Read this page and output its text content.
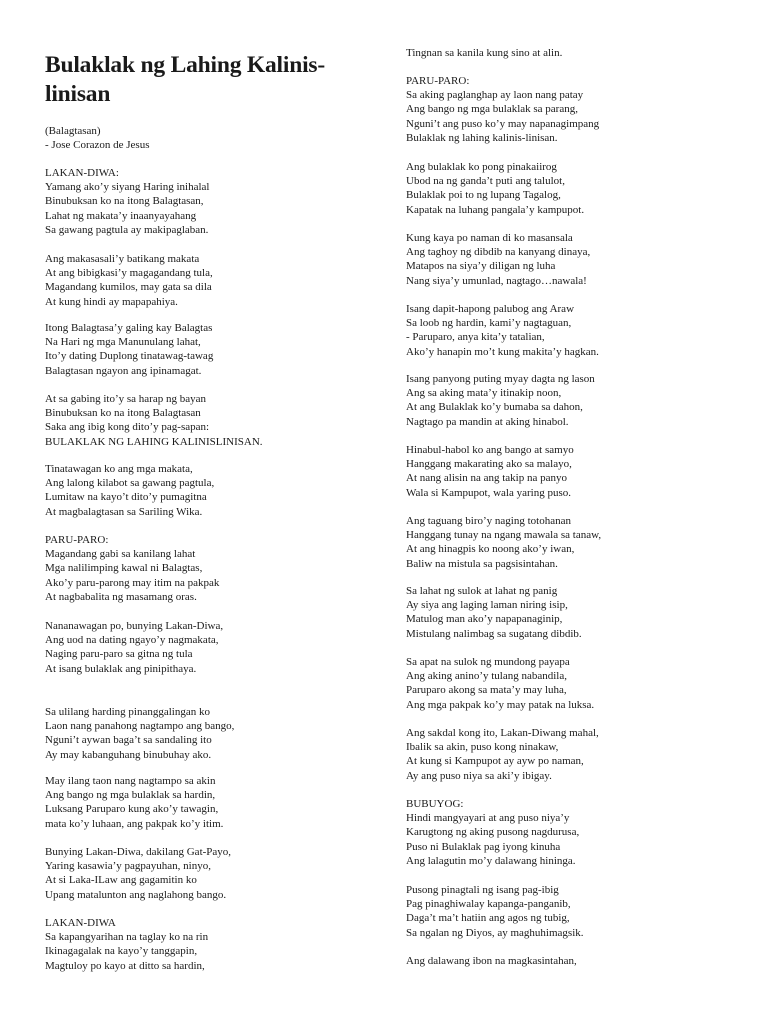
Bulaklak ng Lahing Kalinis-linisan
(Balagtasan)
- Jose Corazon de Jesus
LAKAN-DIWA:
Yamang ako’y siyang Haring inihalal
Binubuksan ko na itong Balagtasan,
Lahat ng makata’y inaanyayahang
Sa gawang pagtula ay makipaglaban.
Ang makasasali’y batikang makata
At ang bibigkasi’y magagandang tula,
Magandang kumilos, may gata sa dila
At kung hindi ay mapapahiya.
Itong Balagtasa’y galing kay Balagtas
Na Hari ng mga Manunulang lahat,
Ito’y dating Duplong tinatawag-tawag
Balagtasan ngayon ang ipinamagat.
At sa gabing ito’y sa harap ng bayan
Binubuksan ko na itong Balagtasan
Saka ang ibig kong dito’y pag-sapan:
BULAKLAK NG LAHING KALINISLINISAN.
Tinatawagan ko ang mga makata,
Ang lalong kilabot sa gawang pagtula,
Lumitaw na kayo’t dito’y pumagitna
At magbalagtasan sa Sariling Wika.
PARU-PARO:
Magandang gabi sa kanilang lahat
Mga nalilimping kawal ni Balagtas,
Ako’y paru-parong may itim na pakpak
At nagbabalita ng masamang oras.
Nananawagan po, bunying Lakan-Diwa,
Ang uod na dating ngayo’y nagmakata,
Naging paru-paro sa gitna ng tula
At isang bulaklak ang pinipithaya.
Sa ulilang harding pinanggalingan ko
Laon nang panahong nagtampo ang bango,
Nguni’t aywan baga’t sa sandaling ito
Ay may kabanguhang binubuhay ako.
May ilang taon nang nagtampo sa akin
Ang bango ng mga bulaklak sa hardin,
Luksang Paruparo kung ako’y tawagin,
mata ko’y luhaan, ang pakpak ko’y itim.
Bunying Lakan-Diwa, dakilang Gat-Payo,
Yaring kasawia’y pagpayuhan, ninyo,
At si Laka-ILaw ang gagamitin ko
Upang matalunton ang naglahong bango.
LAKAN-DIWA
Sa kapangyarihan na taglay ko na rin
Ikinagagalak na kayo’y tanggapin,
Magtuloy po kayo at ditto sa hardin,
Tingnan sa kanila kung sino at alin.
PARU-PARO:
Sa aking paglanghap ay laon nang patay
Ang bango ng mga bulaklak sa parang,
Nguni’t ang puso ko’y may napanagimpang
Bulaklak ng lahing kalinis-linisan.
Ang bulaklak ko pong pinakaiirog
Ubod na ng ganda’t puti ang talulot,
Bulaklak poi to ng lupang Tagalog,
Kapatak na luhang pangala’y kampupot.
Kung kaya po naman di ko masansala
Ang taghoy ng dibdib na kanyang dinaya,
Matapos na siya’y diligan ng luha
Nang siya’y umunlad, nagtago…nawala!
Isang dapit-hapong palubog ang Araw
Sa loob ng hardin, kami’y nagtaguan,
- Paruparo, anya kita’y tatalian,
Ako’y hanapin mo’t kung makita’y hagkan.
Isang panyong puting myay dagta ng lason
Ang sa aking mata’y itinakip noon,
At ang Bulaklak ko’y bumaba sa dahon,
Nagtago pa mandin at aking hinabol.
Hinabul-habol ko ang bango at samyo
Hanggang makarating ako sa malayo,
At nang alisin na ang takip na panyo
Wala si Kampupot, wala yaring puso.
Ang taguang biro’y naging totohanan
Hanggang tunay na ngang mawala sa tanaw,
At ang hinagpis ko noong ako’y iwan,
Baliw na mistula sa pagsisintahan.
Sa lahat ng sulok at lahat ng panig
Ay siya ang laging laman niring isip,
Matulog man ako’y napapanaginip,
Mistulang nalimbag sa sugatang dibdib.
Sa apat na sulok ng mundong payapa
Ang aking anino’y tulang nabandila,
Paruparo akong sa mata’y may luha,
Ang mga pakpak ko’y may patak na luksa.
Ang sakdal kong ito, Lakan-Diwang mahal,
Ibalik sa akin, puso kong ninakaw,
At kung si Kampupot ay ayw po naman,
Ay ang puso niya sa aki’y ibigay.
BUBUYOG:
Hindi mangyayari at ang puso niya’y
Karugtong ng aking pusong nagdurusa,
Puso ni Bulaklak pag iyong kinuha
Ang lalagutin mo’y dalawang hininga.
Pusong pinagtali ng isang pag-ibig
Pag pinaghiwalay kapanga-panganib,
Daga’t ma’t hatiin ang agos ng tubig,
Sa ngalan ng Diyos, ay maghuhimagsik.
Ang dalawang ibon na magkasintahan,
